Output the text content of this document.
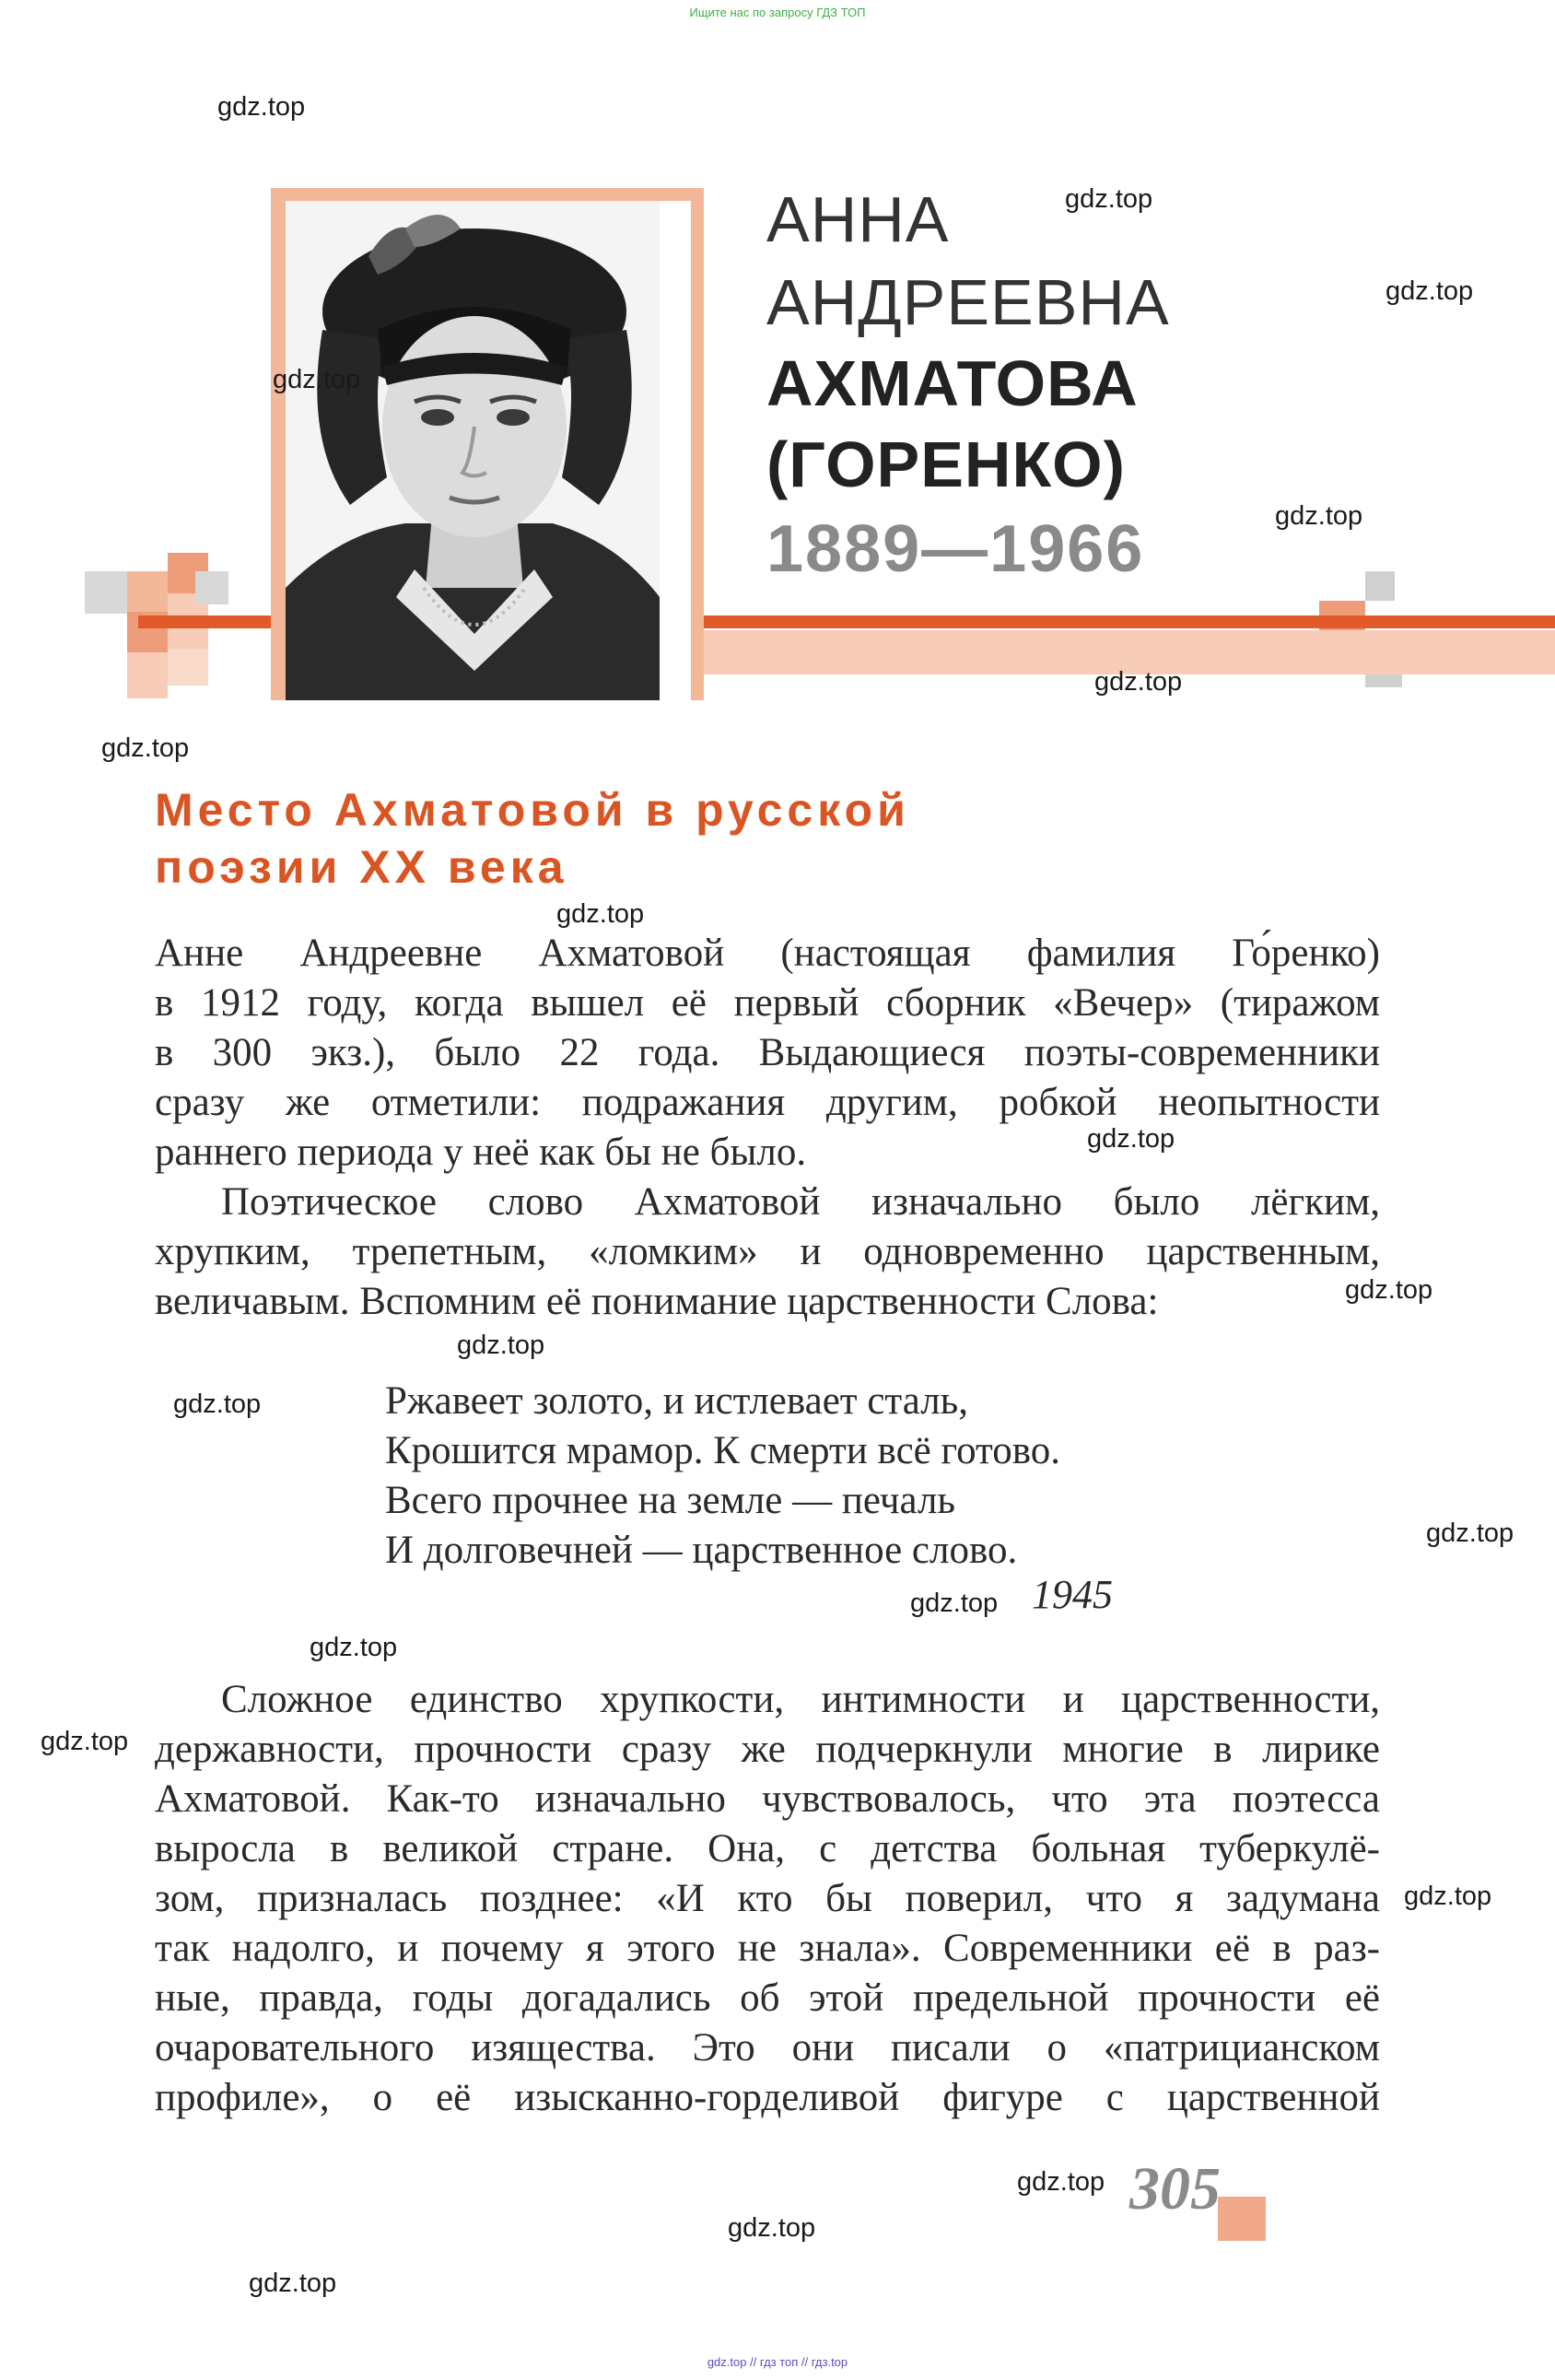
Ищите нас по запросу ГДЗ ТОП
АННА
АНДРЕЕВНА
АХМАТОВА
(ГОРЕНКО)
1889—1966
Место Ахматовой в русской
поэзии XX века
Анне Андреевне Ахматовой (настоящая фамилия Го́ренко)
в 1912 году, когда вышел её первый сборник «Вечер» (тиражом
в 300 экз.), было 22 года. Выдающиеся поэты-современники
сразу же отметили: подражания другим, робкой неопытности
раннего периода у неё как бы не было.
Поэтическое слово Ахматовой изначально было лёгким,
хрупким, трепетным, «ломким» и одновременно царственным,
величавым. Вспомним её понимание царственности Слова:
Ржавеет золото, и истлевает сталь,
Крошится мрамор. К смерти всё готово.
Всего прочнее на земле — печаль
И долговечней — царственное слово.
1945
Сложное единство хрупкости, интимности и царственности,
державности, прочности сразу же подчеркнули многие в лирике
Ахматовой. Как-то изначально чувствовалось, что эта поэтесса
выросла в великой стране. Она, с детства больная туберкулё-
зом, призналась позднее: «И кто бы поверил, что я задумана
так надолго, и почему я этого не знала». Современники её в раз-
ные, правда, годы догадались об этой предельной прочности её
очаровательного изящества. Это они писали о «патрицианском
профиле», о её изысканно-горделивой фигуре с царственной
305
gdz.top
gdz.top
gdz.top
gdz.top
gdz.top
gdz.top
gdz.top
gdz.top
gdz.top
gdz.top
gdz.top
gdz.top
gdz.top
gdz.top
gdz.top
gdz.top
gdz.top
gdz.top
gdz.top
gdz.top
gdz.top // гдз топ // гдз.top
